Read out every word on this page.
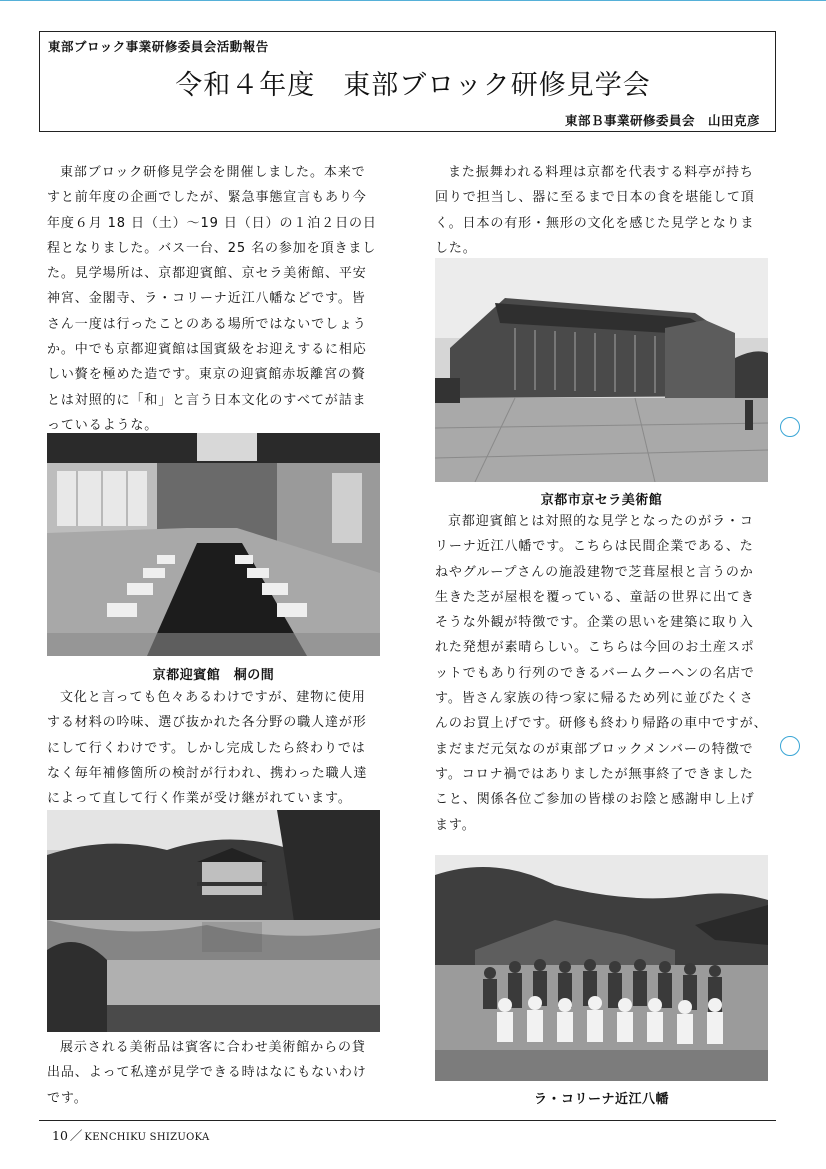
東部ブロック事業研修委員会活動報告
令和４年度　東部ブロック研修見学会
東部Ｂ事業研修委員会　山田克彦

東部ブロック研修見学会を開催しました。本来で
すと前年度の企画でしたが、緊急事態宣言もあり今
年度６月 18 日（土）〜19 日（日）の１泊２日の日
程となりました。バス一台、25 名の参加を頂きまし
た。見学場所は、京都迎賓館、京セラ美術館、平安
神宮、金閣寺、ラ・コリーナ近江八幡などです。皆
さん一度は行ったことのある場所ではないでしょう
か。中でも京都迎賓館は国賓級をお迎えするに相応
しい贅を極めた造です。東京の迎賓館赤坂離宮の贅
とは対照的に「和」と言う日本文化のすべてが詰ま
っているような。

京都迎賓館　桐の間

文化と言っても色々あるわけですが、建物に使用
する材料の吟味、選び抜かれた各分野の職人達が形
にして行くわけです。しかし完成したら終わりでは
なく毎年補修箇所の検討が行われ、携わった職人達
によって直して行く作業が受け継がれています。

展示される美術品は賓客に合わせ美術館からの貸
出品、よって私達が見学できる時はなにもないわけ
です。

また振舞われる料理は京都を代表する料亭が持ち
回りで担当し、器に至るまで日本の食を堪能して頂
く。日本の有形・無形の文化を感じた見学となりま
した。

京都市京セラ美術館

京都迎賓館とは対照的な見学となったのがラ・コ
リーナ近江八幡です。こちらは民間企業である、た
ねやグループさんの施設建物で芝葺屋根と言うのか
生きた芝が屋根を覆っている、童話の世界に出てき
そうな外観が特徴です。企業の思いを建築に取り入
れた発想が素晴らしい。こちらは今回のお土産スポ
ットでもあり行列のできるバームクーヘンの名店で
す。皆さん家族の待つ家に帰るため列に並びたくさ
んのお買上げです。研修も終わり帰路の車中ですが、
まだまだ元気なのが東部ブロックメンバーの特徴で
す。コロナ禍ではありましたが無事終了できました
こと、関係各位ご参加の皆様のお陰と感謝申し上げ
ます。

ラ・コリーナ近江八幡
10 ／ KENCHIKU SHIZUOKA
